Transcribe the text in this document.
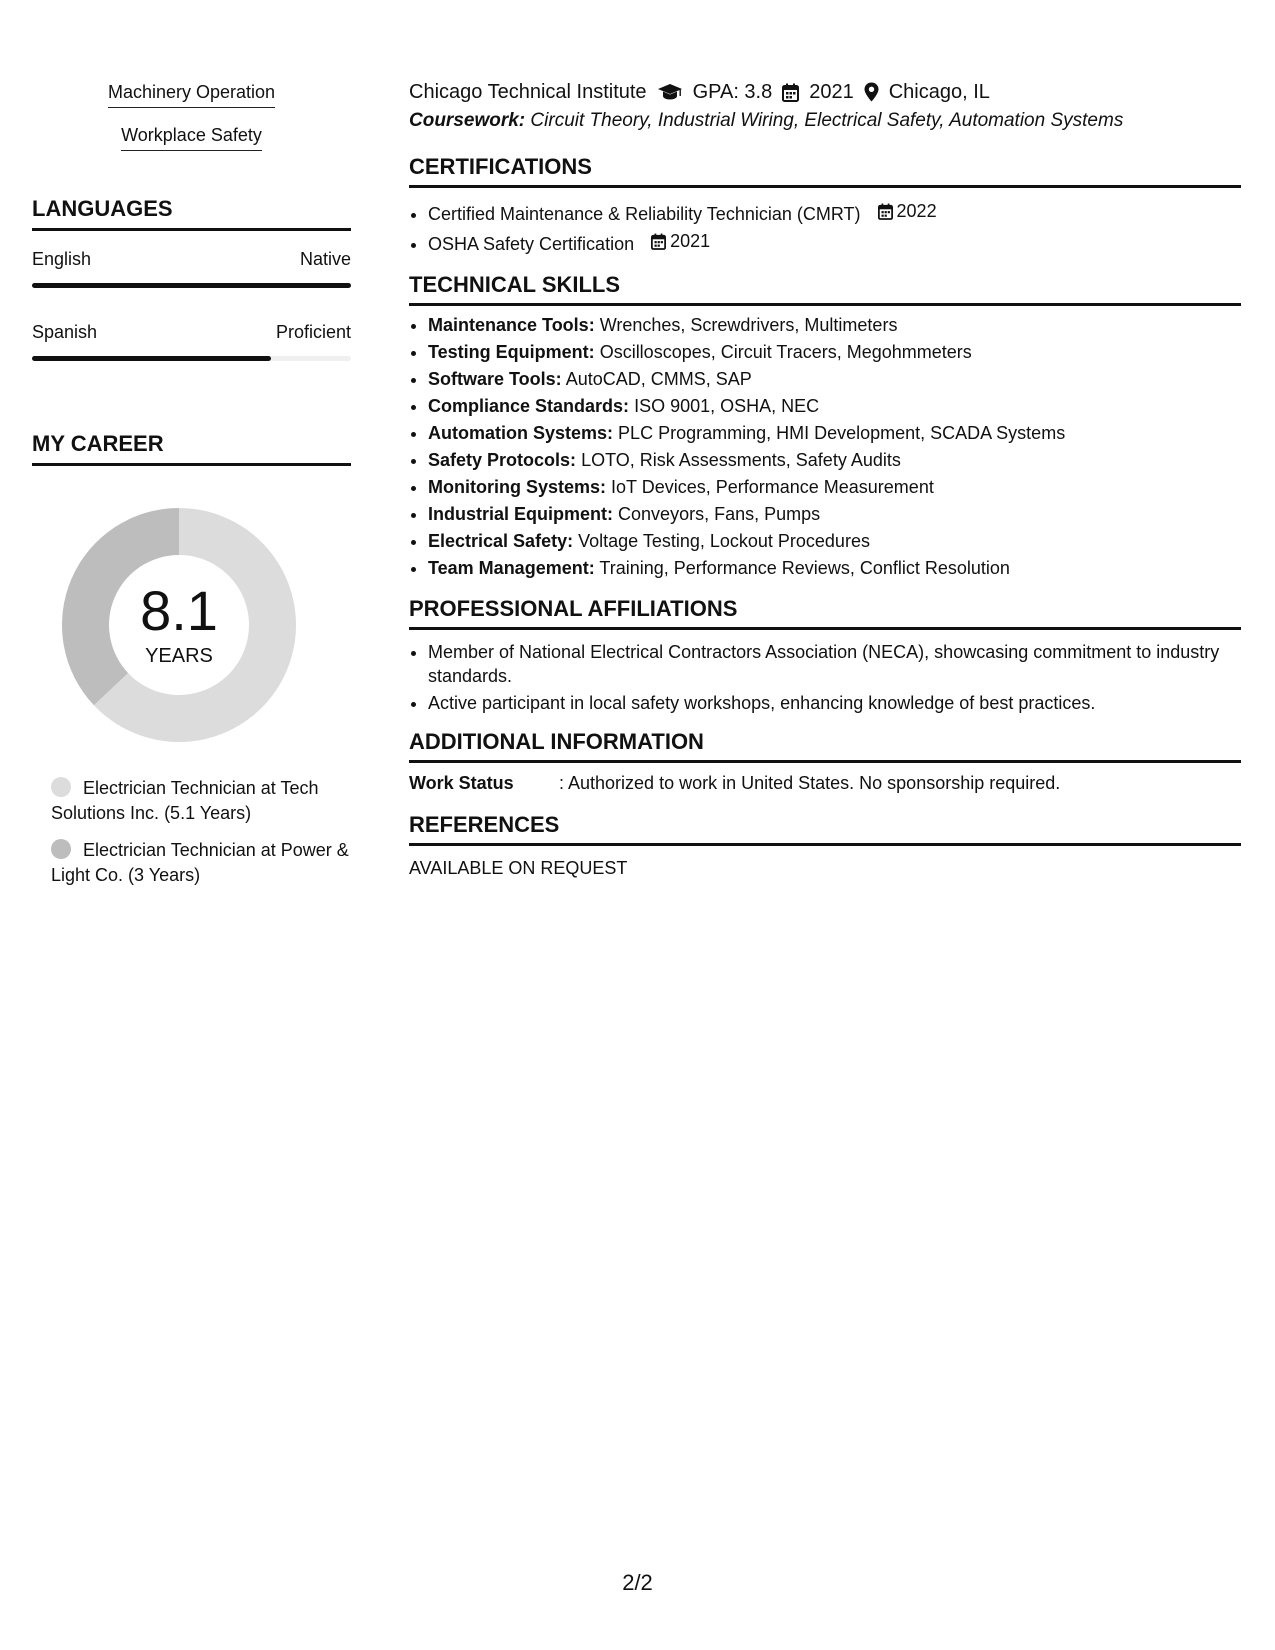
Machinery Operation
Workplace Safety
LANGUAGES
English	Native
Spanish	Proficient
MY CAREER
8.1
YEARS
Electrician Technician at Tech Solutions Inc. (5.1 Years)
Electrician Technician at Power & Light Co. (3 Years)
Chicago Technical Institute GPA: 3.8 2021 Chicago, IL
Coursework: Circuit Theory, Industrial Wiring, Electrical Safety, Automation Systems
CERTIFICATIONS
• Certified Maintenance & Reliability Technician (CMRT) 2022
• OSHA Safety Certification 2021
TECHNICAL SKILLS
• Maintenance Tools: Wrenches, Screwdrivers, Multimeters
• Testing Equipment: Oscilloscopes, Circuit Tracers, Megohmmeters
• Software Tools: AutoCAD, CMMS, SAP
• Compliance Standards: ISO 9001, OSHA, NEC
• Automation Systems: PLC Programming, HMI Development, SCADA Systems
• Safety Protocols: LOTO, Risk Assessments, Safety Audits
• Monitoring Systems: IoT Devices, Performance Measurement
• Industrial Equipment: Conveyors, Fans, Pumps
• Electrical Safety: Voltage Testing, Lockout Procedures
• Team Management: Training, Performance Reviews, Conflict Resolution
PROFESSIONAL AFFILIATIONS
• Member of National Electrical Contractors Association (NECA), showcasing commitment to industry standards.
• Active participant in local safety workshops, enhancing knowledge of best practices.
ADDITIONAL INFORMATION
Work Status	: Authorized to work in United States. No sponsorship required.
REFERENCES
AVAILABLE ON REQUEST
2/2
